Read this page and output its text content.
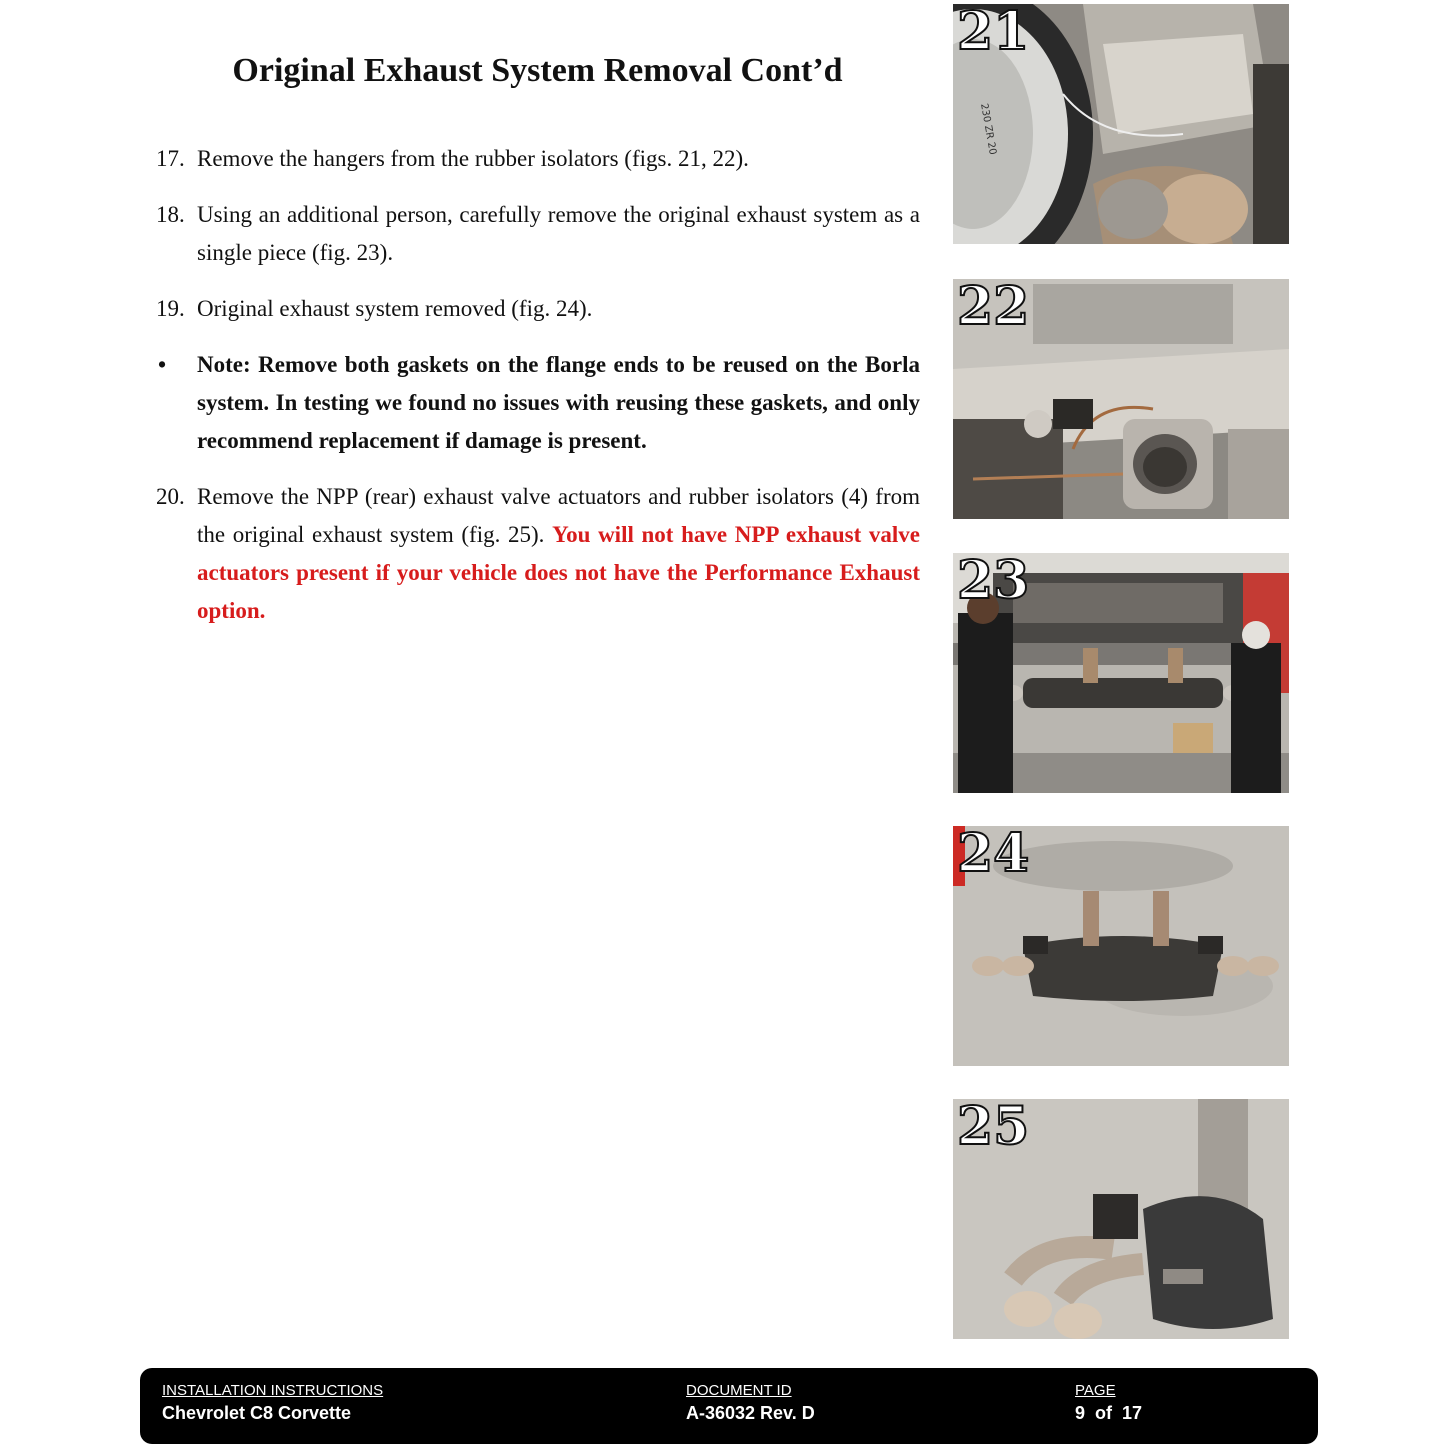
Original Exhaust System Removal Cont’d
17. Remove the hangers from the rubber isolators (figs. 21, 22).
18. Using an additional person, carefully remove the original exhaust system as a single piece (fig. 23).
19. Original exhaust system removed (fig. 24).
• Note: Remove both gaskets on the flange ends to be reused on the Borla system. In testing we found no issues with reusing these gaskets, and only recommend replacement if damage is present.
20. Remove the NPP (rear) exhaust valve actuators and rubber isolators (4) from the original exhaust system (fig. 25). You will not have NPP exhaust valve actuators present if your vehicle does not have the Performance Exhaust option.
230 ZR 20
21
22
23
24
25
INSTALLATION INSTRUCTIONS
Chevrolet C8 Corvette
DOCUMENT ID
A-36032 Rev. D
PAGE
9  of  17
